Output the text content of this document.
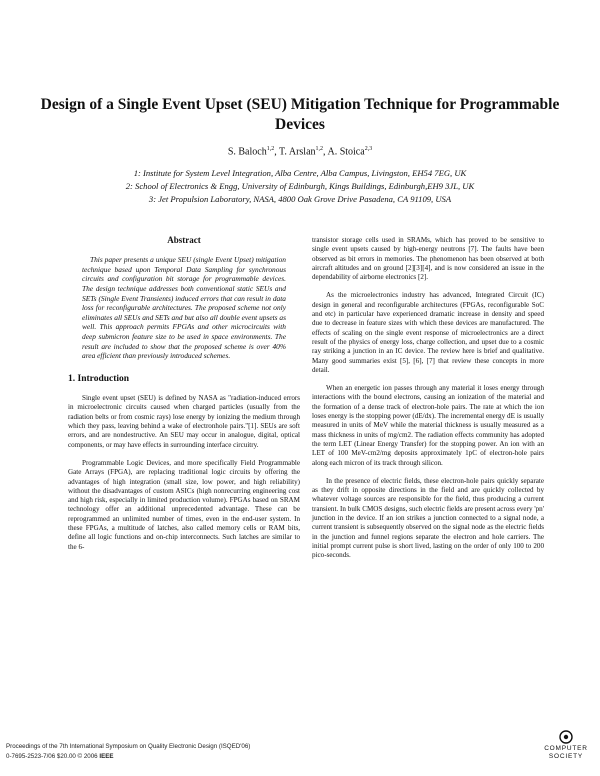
Design of a Single Event Upset (SEU) Mitigation Technique for Programmable Devices
S. Baloch$^{1,2}$, T. Arslan$^{1,2}$, A. Stoica$^{2,3}$
1: Institute for System Level Integration, Alba Centre, Alba Campus, Livingston, EH54 7EG, UK
2: School of Electronics & Engg, University of Edinburgh, Kings Buildings, Edinburgh,EH9 3JL, UK
3: Jet Propulsion Laboratory, NASA, 4800 Oak Grove Drive Pasadena, CA 91109, USA
Abstract
This paper presents a unique SEU (single Event Upset) mitigation technique based upon Temporal Data Sampling for synchronous circuits and configuration bit storage for programmable devices. The design technique addresses both conventional static SEUs and SETs (Single Event Transients) induced errors that can result in data loss for reconfigurable architectures. The proposed scheme not only eliminates all SEUs and SETs and but also all double event upsets as well. This approach permits FPGAs and other microcircuits with deep submicron feature size to be used in space environments. The result are included to show that the proposed scheme is over 40% area efficient than previously introduced schemes.
1. Introduction

Single event upset (SEU) is defined by NASA as "radiation-induced errors in microelectronic circuits caused when charged particles (usually from the radiation belts or from cosmic rays) lose energy by ionizing the medium through which they pass, leaving behind a wake of electronhole pairs."[1]. SEUs are soft errors, and are nondestructive. An SEU may occur in analogue, digital, optical components, or may have effects in surrounding interface circuitry.

Programmable Logic Devices, and more specifically Field Programmable Gate Arrays (FPGA), are replacing traditional logic circuits by offering the advantages of high integration (small size, low power, and high reliability) without the disadvantages of custom ASICs (high nonrecurring engineering cost and high risk, especially in limited production volume). FPGAs based on SRAM technology offer an additional unprecedented advantage. These can be reprogrammed an unlimited number of times, even in the end-user system. In these FPGAs, a multitude of latches, also called memory cells or RAM bits, define all logic functions and on-chip interconnects. Such latches are similar to the 6-

transistor storage cells used in SRAMs, which has proved to be sensitive to single event upsets caused by high-energy neutrons [7]. The faults have been observed as bit errors in memories. The phenomenon has been observed at both aircraft altitudes and on ground [2][3][4], and is now considered an issue in the dependability of airborne electronics [2].

As the microelectronics industry has advanced, Integrated Circuit (IC) design in general and reconfigurable architectures (FPGAs, reconfigurable SoC and etc) in particular have experienced dramatic increase in density and speed due to decrease in feature sizes with which these devices are manufactured. The effects of scaling on the single event response of microelectronics are a direct result of the physics of energy loss, charge collection, and upset due to a cosmic ray striking a junction in an IC device. The review here is brief and qualitative. Many good summaries exist [5], [6], [7] that review these concepts in more detail.

When an energetic ion passes through any material it loses energy through interactions with the bound electrons, causing an ionization of the material and the formation of a dense track of electron-hole pairs. The rate at which the ion loses energy is the stopping power (dE/dx). The incremental energy dE is usually measured in units of MeV while the material thickness is usually measured as a mass thickness in units of mg/cm2. The radiation effects community has adopted the term LET (Linear Energy Transfer) for the stopping power. An ion with an LET of 100 MeV-cm2/mg deposits approximately 1pC of electron-hole pairs along each micron of its track through silicon.

In the presence of electric fields, these electron-hole pairs quickly separate as they drift in opposite directions in the field and are quickly collected by whatever voltage sources are responsible for the field, thus producing a current transient. In bulk CMOS designs, such electric fields are present across every 'pn' junction in the device. If an ion strikes a junction connected to a signal node, a current transient is subsequently observed on the signal node as the electric fields in the junction and funnel regions separate the electron and hole carriers. The initial prompt current pulse is short lived, lasting on the order of only 100 to 200 pico-seconds.

Proceedings of the 7th International Symposium on Quality Electronic Design (ISQED'06)
0-7695-2523-7/06 $20.00 © 2006 IEEE
COMPUTER
SOCIETY
